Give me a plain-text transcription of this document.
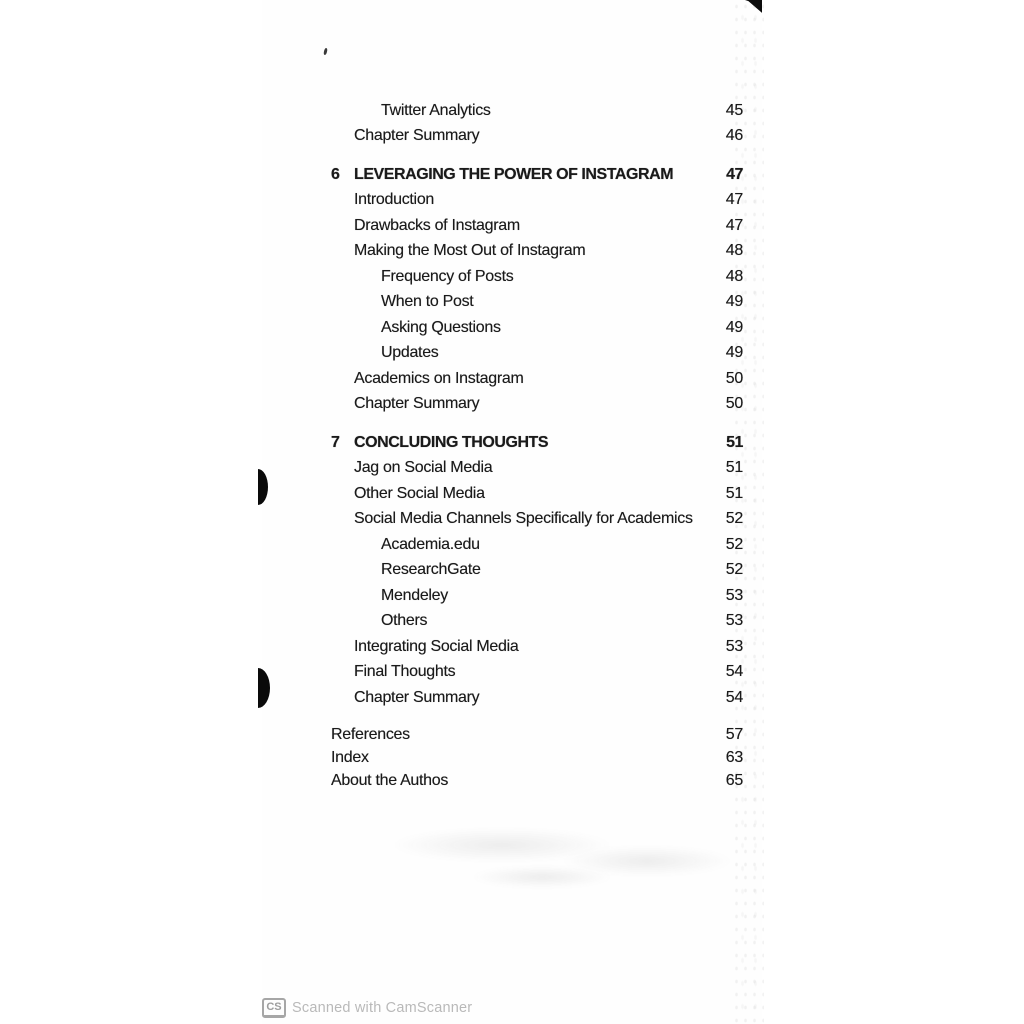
Twitter Analytics	45
Chapter Summary	46
6 LEVERAGING THE POWER OF INSTAGRAM	47
Introduction	47
Drawbacks of Instagram	47
Making the Most Out of Instagram	48
Frequency of Posts	48
When to Post	49
Asking Questions	49
Updates	49
Academics on Instagram	50
Chapter Summary	50
7 CONCLUDING THOUGHTS	51
Jag on Social Media	51
Other Social Media	51
Social Media Channels Specifically for Academics	52
Academia.edu	52
ResearchGate	52
Mendeley	53
Others	53
Integrating Social Media	53
Final Thoughts	54
Chapter Summary	54
References	57
Index	63
About the Authos	65
CS Scanned with CamScanner
